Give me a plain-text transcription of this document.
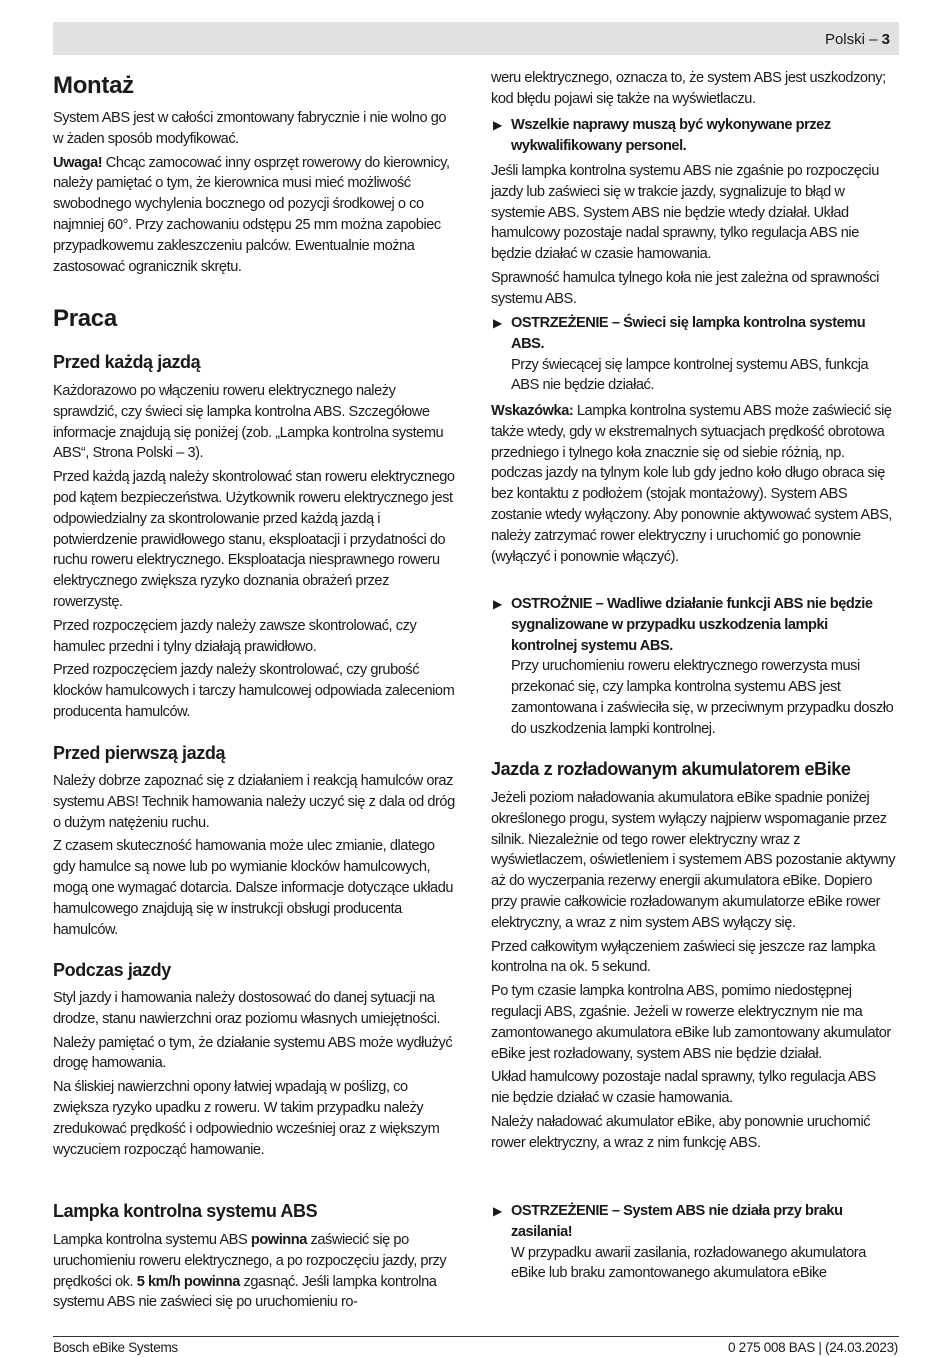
Polski – 3
Montaż

System ABS jest w całości zmontowany fabrycznie i nie wolno go w żaden sposób modyfikować.

Uwaga! Chcąc zamocować inny osprzęt rowerowy do kierownicy, należy pamiętać o tym, że kierownica musi mieć możliwość swobodnego wychylenia bocznego od pozycji środkowej o co najmniej 60°. Przy zachowaniu odstępu 25 mm można zapobiec przypadkowemu zakleszczeniu palców. Ewentualnie można zastosować ogranicznik skrętu.

Praca
Przed każdą jazdą

Każdorazowo po włączeniu roweru elektrycznego należy sprawdzić, czy świeci się lampka kontrolna ABS. Szczegółowe informacje znajdują się poniżej (zob. „Lampka kontrolna systemu ABS“, Strona Polski – 3).

Przed każdą jazdą należy skontrolować stan roweru elektrycznego pod kątem bezpieczeństwa. Użytkownik roweru elektrycznego jest odpowiedzialny za skontrolowanie przed każdą jazdą i potwierdzenie prawidłowego stanu, eksploatacji i przydatności do ruchu roweru elektrycznego. Eksploatacja niesprawnego roweru elektrycznego zwiększa ryzyko doznania obrażeń przez rowerzystę.

Przed rozpoczęciem jazdy należy zawsze skontrolować, czy hamulec przedni i tylny działają prawidłowo.

Przed rozpoczęciem jazdy należy skontrolować, czy grubość klocków hamulcowych i tarczy hamulcowej odpowiada zaleceniom producenta hamulców.

Przed pierwszą jazdą

Należy dobrze zapoznać się z działaniem i reakcją hamulców oraz systemu ABS! Technik hamowania należy uczyć się z dala od dróg o dużym natężeniu ruchu.

Z czasem skuteczność hamowania może ulec zmianie, dlatego gdy hamulce są nowe lub po wymianie klocków hamulcowych, mogą one wymagać dotarcia. Dalsze informacje dotyczące układu hamulcowego znajdują się w instrukcji obsługi producenta hamulców.

Podczas jazdy

Styl jazdy i hamowania należy dostosować do danej sytuacji na drodze, stanu nawierzchni oraz poziomu własnych umiejętności.

Należy pamiętać o tym, że działanie systemu ABS może wydłużyć drogę hamowania.

Na śliskiej nawierzchni opony łatwiej wpadają w poślizg, co zwiększa ryzyko upadku z roweru. W takim przypadku należy zredukować prędkość i odpowiednio wcześniej oraz z większym wyczuciem rozpocząć hamowanie.

Lampka kontrolna systemu ABS

Lampka kontrolna systemu ABS powinna zaświecić się po uruchomieniu roweru elektrycznego, a po rozpoczęciu jazdy, przy prędkości ok. 5 km/h powinna zgasnąć. Jeśli lampka kontrolna systemu ABS nie zaświeci się po uruchomieniu ro-

weru elektrycznego, oznacza to, że system ABS jest uszkodzony; kod błędu pojawi się także na wyświetlaczu.

▶ Wszelkie naprawy muszą być wykonywane przez wykwalifikowany personel.

Jeśli lampka kontrolna systemu ABS nie zgaśnie po rozpoczęciu jazdy lub zaświeci się w trakcie jazdy, sygnalizuje to błąd w systemie ABS. System ABS nie będzie wtedy działał. Układ hamulcowy pozostaje nadal sprawny, tylko regulacja ABS nie będzie działać w czasie hamowania.

Sprawność hamulca tylnego koła nie jest zależna od sprawności systemu ABS.

▶ OSTRZEŻENIE – Świeci się lampka kontrolna systemu ABS.
Przy świecącej się lampce kontrolnej systemu ABS, funkcja ABS nie będzie działać.

Wskazówka: Lampka kontrolna systemu ABS może zaświecić się także wtedy, gdy w ekstremalnych sytuacjach prędkość obrotowa przedniego i tylnego koła znacznie się od siebie różnią, np. podczas jazdy na tylnym kole lub gdy jedno koło długo obraca się bez kontaktu z podłożem (stojak montażowy). System ABS zostanie wtedy wyłączony. Aby ponownie aktywować system ABS, należy zatrzymać rower elektryczny i uruchomić go ponownie (wyłączyć i ponownie włączyć).

▶ OSTROŻNIE – Wadliwe działanie funkcji ABS nie będzie sygnalizowane w przypadku uszkodzenia lampki kontrolnej systemu ABS.
Przy uruchomieniu roweru elektrycznego rowerzysta musi przekonać się, czy lampka kontrolna systemu ABS jest zamontowana i zaświeciła się, w przeciwnym przypadku doszło do uszkodzenia lampki kontrolnej.
Jazda z rozładowanym akumulatorem eBike

Jeżeli poziom naładowania akumulatora eBike spadnie poniżej określonego progu, system wyłączy najpierw wspomaganie przez silnik. Niezależnie od tego rower elektryczny wraz z wyświetlaczem, oświetleniem i systemem ABS pozostanie aktywny aż do wyczerpania rezerwy energii akumulatora eBike. Dopiero przy prawie całkowicie rozładowanym akumulatorze eBike rower elektryczny, a wraz z nim system ABS wyłączy się.

Przed całkowitym wyłączeniem zaświeci się jeszcze raz lampka kontrolna na ok. 5 sekund.

Po tym czasie lampka kontrolna ABS, pomimo niedostępnej regulacji ABS, zgaśnie. Jeżeli w rowerze elektrycznym nie ma zamontowanego akumulatora eBike lub zamontowany akumulator eBike jest rozładowany, system ABS nie będzie działał.

Układ hamulcowy pozostaje nadal sprawny, tylko regulacja ABS nie będzie działać w czasie hamowania.

Należy naładować akumulator eBike, aby ponownie uruchomić rower elektryczny, a wraz z nim funkcję ABS.

▶ OSTRZEŻENIE – System ABS nie działa przy braku zasilania!
W przypadku awarii zasilania, rozładowanego akumulatora eBike lub braku zamontowanego akumulatora eBike
Bosch eBike Systems	0 275 008 BAS | (24.03.2023)
